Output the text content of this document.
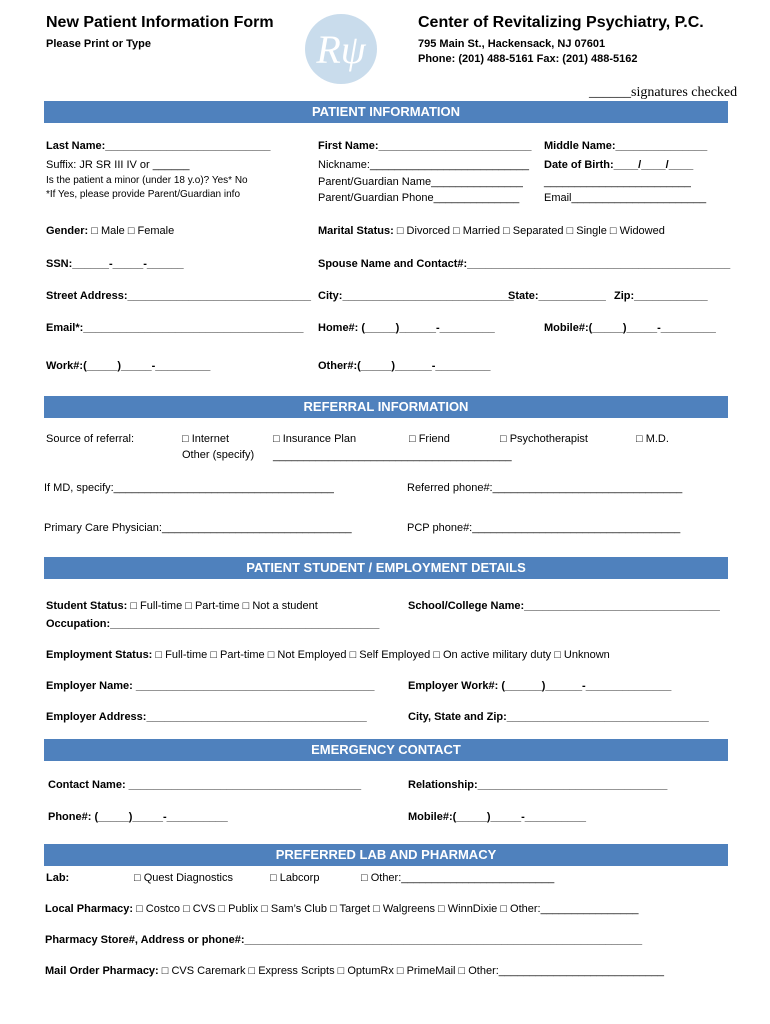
New Patient Information Form
Please Print or Type	Rψ
Center of Revitalizing Psychiatry, P.C.
795 Main St., Hackensack, NJ 07601
Phone: (201) 488-5161 Fax: (201) 488-5162
______signatures checked
PATIENT INFORMATION
Last Name:___________________________	First Name:_________________________ Middle Name:_______________
Suffix: JR SR III IV or ______	Nickname:__________________________ Date of Birth:____/____/____
Is the patient a minor (under 18 y.o)? Yes* No	Parent/Guardian Name_______________ ________________________
*If Yes, please provide Parent/Guardian info	Parent/Guardian Phone______________ Email______________________
Gender: □ Male □ Female	Marital Status: □ Divorced □ Married □ Separated □ Single □ Widowed
SSN:______-_____-______	Spouse Name and Contact#:___________________________________________
Street Address:______________________________ City:____________________________
State:___________ Zip:____________
Email*:____________________________________ Home#: (_____)______-_________	Mobile#:(_____)_____-_________
Work#:(_____)_____-_________	Other#:(_____)______-_________
REFERRAL INFORMATION
Source of referral:	□ Internet
Other (specify)
□ Insurance Plan
_______________________________________
□ Friend	□ Psychotherapist	□ M.D.
If MD, specify:____________________________________	Referred phone#:_______________________________
Primary Care Physician:_______________________________	PCP phone#:__________________________________
PATIENT STUDENT / EMPLOYMENT DETAILS
Student Status: □ Full-time □ Part-time □ Not a student	School/College Name:________________________________
Occupation:____________________________________________
Employment Status: □ Full-time □ Part-time □ Not Employed □ Self Employed □ On active military duty □ Unknown
Employer Name: _______________________________________	Employer Work#: (______)______-______________
Employer Address:____________________________________	City, State and Zip:_________________________________
EMERGENCY CONTACT
Contact Name: ______________________________________	Relationship:_______________________________
Phone#: (_____)_____-__________	Mobile#:(_____)_____-__________
PREFERRED LAB AND PHARMACY
Lab:	□ Quest Diagnostics	□ Labcorp	□ Other:_________________________
Local Pharmacy: □ Costco □ CVS □ Publix □ Sam’s Club □ Target □ Walgreens □ WinnDixie □ Other:________________
Pharmacy Store#, Address or phone#:_________________________________________________________________
Mail Order Pharmacy: □ CVS Caremark □ Express Scripts □ OptumRx □ PrimeMail □ Other:___________________________
